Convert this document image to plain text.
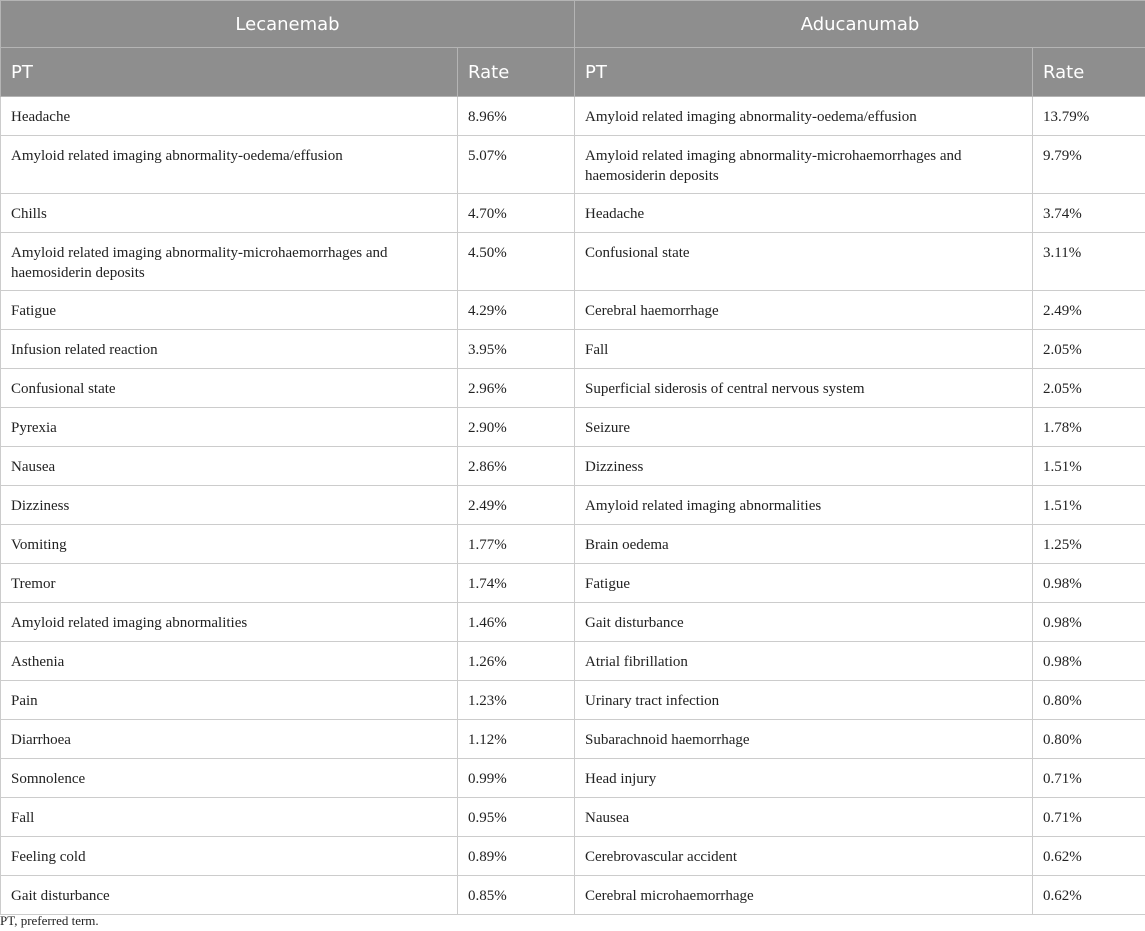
Lecanemab		Aducanumab	
PT	Rate	PT	Rate
Headache	8.96%	Amyloid related imaging abnormality-oedema/effusion	13.79%
Amyloid related imaging abnormality-oedema/effusion	5.07%	Amyloid related imaging abnormality-microhaemorrhages and haemosiderin deposits	9.79%
Chills	4.70%	Headache	3.74%
Amyloid related imaging abnormality-microhaemorrhages and haemosiderin deposits	4.50%	Confusional state	3.11%
Fatigue	4.29%	Cerebral haemorrhage	2.49%
Infusion related reaction	3.95%	Fall	2.05%
Confusional state	2.96%	Superficial siderosis of central nervous system	2.05%
Pyrexia	2.90%	Seizure	1.78%
Nausea	2.86%	Dizziness	1.51%
Dizziness	2.49%	Amyloid related imaging abnormalities	1.51%
Vomiting	1.77%	Brain oedema	1.25%
Tremor	1.74%	Fatigue	0.98%
Amyloid related imaging abnormalities	1.46%	Gait disturbance	0.98%
Asthenia	1.26%	Atrial fibrillation	0.98%
Pain	1.23%	Urinary tract infection	0.80%
Diarrhoea	1.12%	Subarachnoid haemorrhage	0.80%
Somnolence	0.99%	Head injury	0.71%
Fall	0.95%	Nausea	0.71%
Feeling cold	0.89%	Cerebrovascular accident	0.62%
Gait disturbance	0.85%	Cerebral microhaemorrhage	0.62%
PT, preferred term.
